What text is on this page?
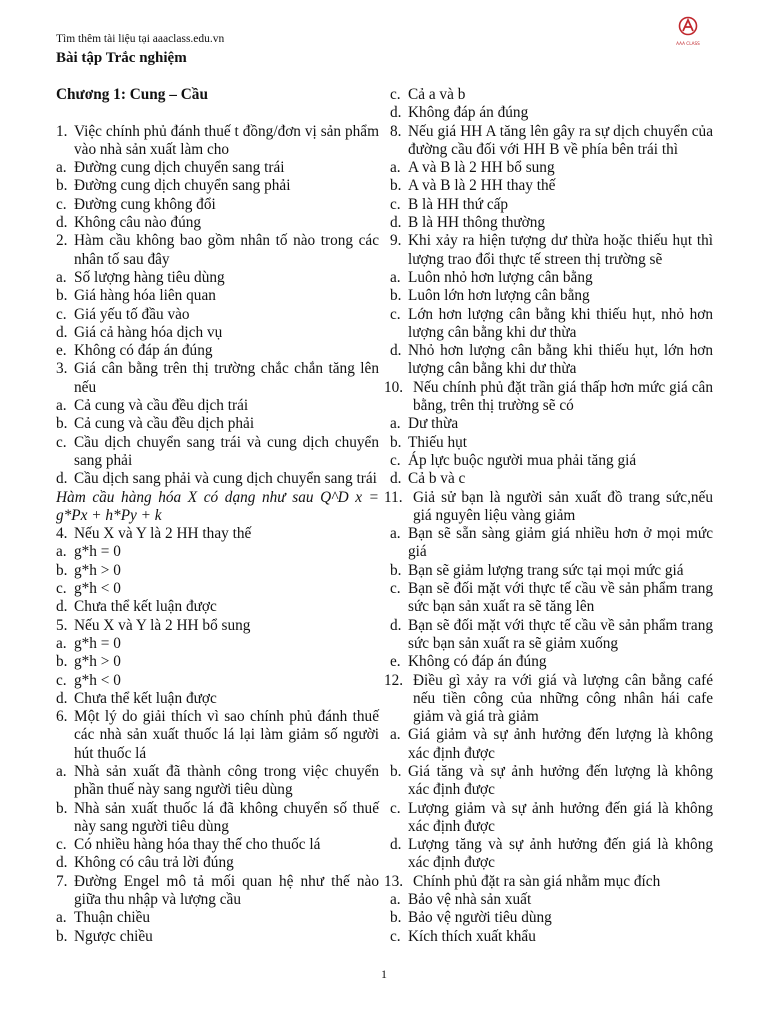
Tìm thêm tài liệu tại aaaclass.edu.vn
Bài tập Trắc nghiệm
AAA CLASS
Chương 1: Cung – Cầu
1. Việc chính phủ đánh thuế t đồng/đơn vị sản phẩm vào nhà sản xuất làm cho
a. Đường cung dịch chuyển sang trái
b. Đường cung dịch chuyển sang phải
c. Đường cung không đổi
d. Không câu nào đúng
2. Hàm cầu không bao gồm nhân tố nào trong các nhân tố sau đây
a. Số lượng hàng tiêu dùng
b. Giá hàng hóa liên quan
c. Giá yếu tố đầu vào
d. Giá cả hàng hóa dịch vụ
e. Không có đáp án đúng
3. Giá cân bằng trên thị trường chắc chắn tăng lên nếu
a. Cả cung và cầu đều dịch trái
b. Cả cung và cầu đều dịch phải
c. Cầu dịch chuyển sang trái và cung dịch chuyển sang phải
d. Cầu dịch sang phải và cung dịch chuyển sang trái
Hàm cầu hàng hóa X có dạng như sau Q^D x = g*Px + h*Py + k
4. Nếu X và Y là 2 HH thay thế
a. g*h = 0
b. g*h > 0
c. g*h < 0
d. Chưa thể kết luận được
5. Nếu X và Y là 2 HH bổ sung
a. g*h = 0
b. g*h > 0
c. g*h < 0
d. Chưa thể kết luận được
6. Một lý do giải thích vì sao chính phủ đánh thuế các nhà sản xuất thuốc lá lại làm giảm số người hút thuốc lá
a. Nhà sản xuất đã thành công trong việc chuyển phần thuế này sang người tiêu dùng
b. Nhà sản xuất thuốc lá đã không chuyển số thuế này sang người tiêu dùng
c. Có nhiều hàng hóa thay thế cho thuốc lá
d. Không có câu trả lời đúng
7. Đường Engel mô tả mối quan hệ như thế nào giữa thu nhập và lượng cầu
a. Thuận chiều
b. Ngược chiều
c. Cả a và b
d. Không đáp án đúng
8. Nếu giá HH A tăng lên gây ra sự dịch chuyển của đường cầu đối với HH B về phía bên trái thì
a. A và B là 2 HH bổ sung
b. A và B là 2 HH thay thế
c. B là HH thứ cấp
d. B là HH thông thường
9. Khi xảy ra hiện tượng dư thừa hoặc thiếu hụt thì lượng trao đổi thực tế streen thị trường sẽ
a. Luôn nhỏ hơn lượng cân bằng
b. Luôn lớn hơn lượng cân bằng
c. Lớn hơn lượng cân bằng khi thiếu hụt, nhỏ hơn lượng cân bằng khi dư thừa
d. Nhỏ hơn lượng cân bằng khi thiếu hụt, lớn hơn lượng cân bằng khi dư thừa
10. Nếu chính phủ đặt trần giá thấp hơn mức giá cân bằng, trên thị trường sẽ có
a. Dư thừa
b. Thiếu hụt
c. Áp lực buộc người mua phải tăng giá
d. Cả b và c
11. Giả sử bạn là người sản xuất đồ trang sức,nếu giá nguyên liệu vàng giảm
a. Bạn sẽ sẵn sàng giảm giá nhiều hơn ở mọi mức giá
b. Bạn sẽ giảm lượng trang sức tại mọi mức giá
c. Bạn sẽ đối mặt với thực tế cầu về sản phẩm trang sức bạn sản xuất ra sẽ tăng lên
d. Bạn sẽ đối mặt với thực tế cầu về sản phẩm trang sức bạn sản xuất ra sẽ giảm xuống
e. Không có đáp án đúng
12. Điều gì xảy ra với giá và lượng cân bằng café nếu tiền công của những công nhân hái cafe giảm và giá trà giảm
a. Giá giảm và sự ảnh hưởng đến lượng là không xác định được
b. Giá tăng và sự ảnh hưởng đến lượng là không xác định được
c. Lượng giảm và sự ảnh hưởng đến giá là không xác định được
d. Lượng tăng và sự ảnh hưởng đến giá là không xác định được
13. Chính phủ đặt ra sàn giá nhằm mục đích
a. Bảo vệ nhà sản xuất
b. Bảo vệ người tiêu dùng
c. Kích thích xuất khẩu
1
